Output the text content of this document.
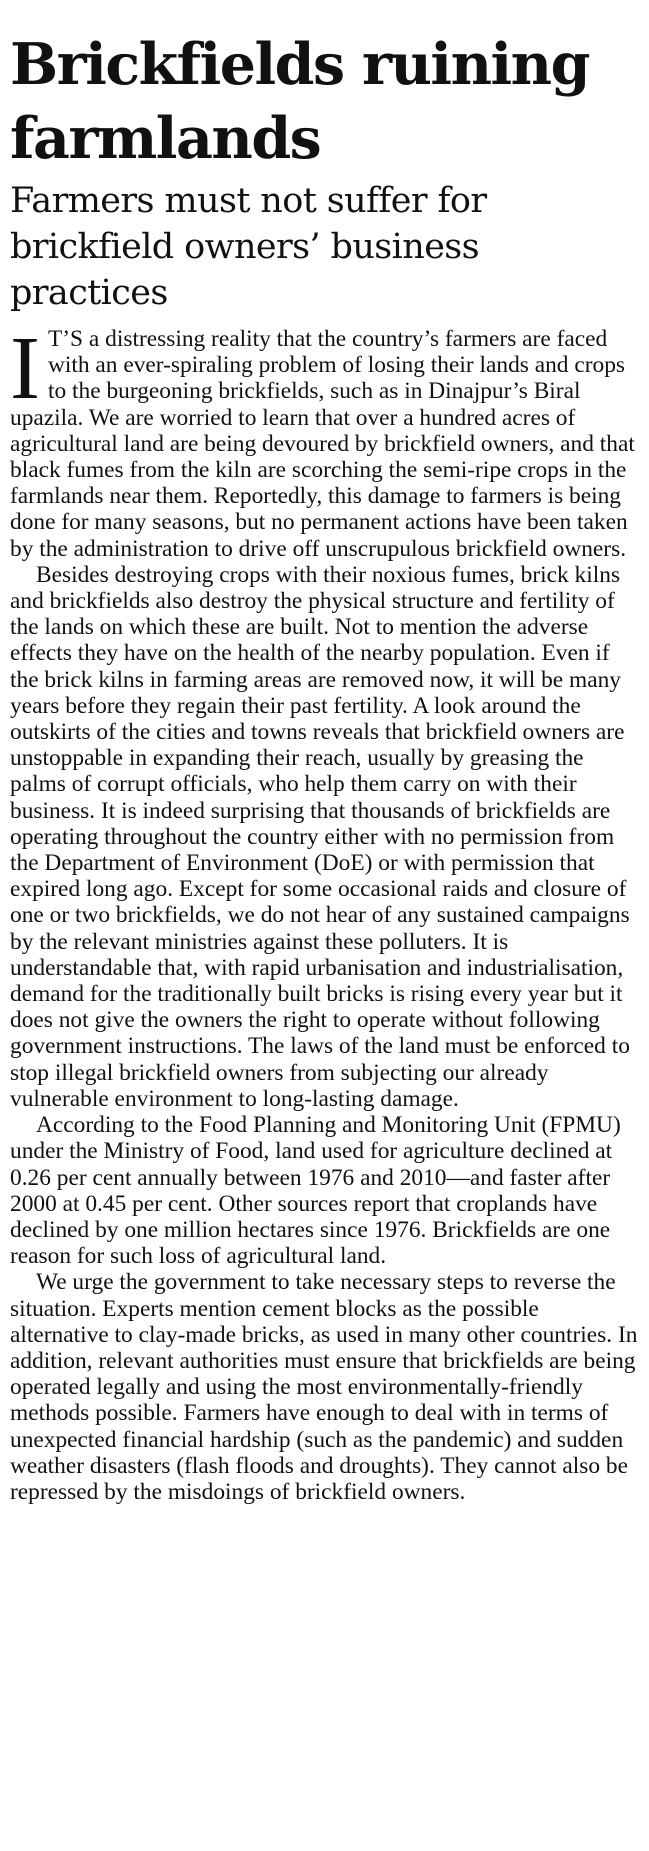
Brickfields ruining farmlands
Farmers must not suffer for brickfield owners’ business practices

I T’S a distressing reality that the country’s farmers are faced with an ever-spiraling problem of losing their lands and crops to the burgeoning brickfields, such as in Dinajpur’s Biral upazila. We are worried to learn that over a hundred acres of agricultural land are being devoured by brickfield owners, and that black fumes from the kiln are scorching the semi-ripe crops in the farmlands near them. Reportedly, this damage to farmers is being done for many seasons, but no permanent actions have been taken by the administration to drive off unscrupulous brickfield owners.

Besides destroying crops with their noxious fumes, brick kilns and brickfields also destroy the physical structure and fertility of the lands on which these are built. Not to mention the adverse effects they have on the health of the nearby population. Even if the brick kilns in farming areas are removed now, it will be many years before they regain their past fertility. A look around the outskirts of the cities and towns reveals that brickfield owners are unstoppable in expanding their reach, usually by greasing the palms of corrupt officials, who help them carry on with their business. It is indeed surprising that thousands of brickfields are operating throughout the country either with no permission from the Department of Environment (DoE) or with permission that expired long ago. Except for some occasional raids and closure of one or two brickfields, we do not hear of any sustained campaigns by the relevant ministries against these polluters. It is understandable that, with rapid urbanisation and industrialisation, demand for the traditionally built bricks is rising every year but it does not give the owners the right to operate without following government instructions. The laws of the land must be enforced to stop illegal brickfield owners from subjecting our already vulnerable environment to long-lasting damage.

According to the Food Planning and Monitoring Unit (FPMU) under the Ministry of Food, land used for agriculture declined at 0.26 per cent annually between 1976 and 2010—and faster after 2000 at 0.45 per cent. Other sources report that croplands have declined by one million hectares since 1976. Brickfields are one reason for such loss of agricultural land.

We urge the government to take necessary steps to reverse the situation. Experts mention cement blocks as the possible alternative to clay-made bricks, as used in many other countries. In addition, relevant authorities must ensure that brickfields are being operated legally and using the most environmentally-friendly methods possible. Farmers have enough to deal with in terms of unexpected financial hardship (such as the pandemic) and sudden weather disasters (flash floods and droughts). They cannot also be repressed by the misdoings of brickfield owners.
